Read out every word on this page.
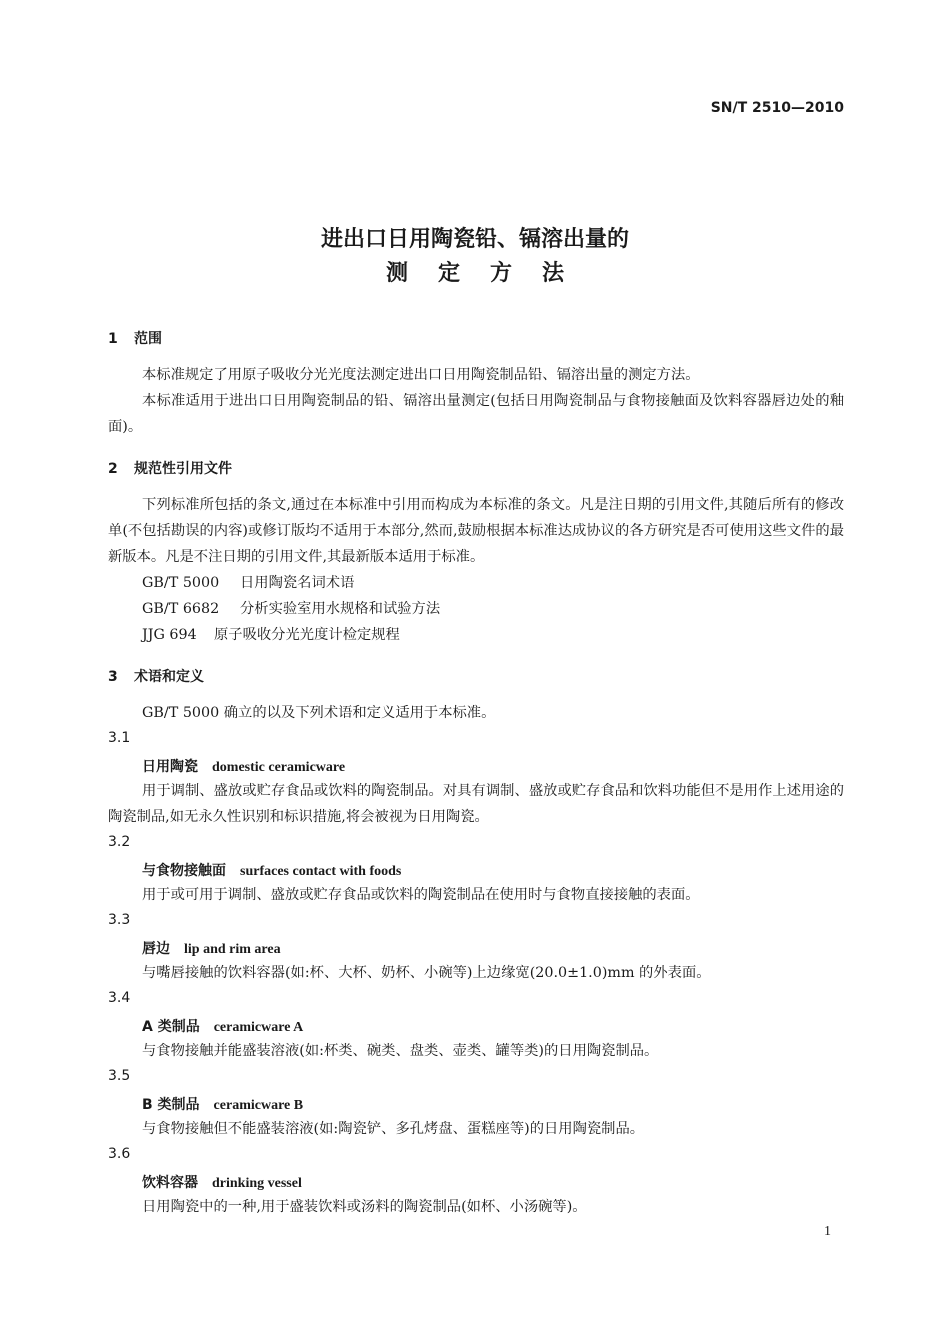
SN/T 2510—2010
进出口日用陶瓷铅、镉溶出量的
测定方法
1 范围
本标准规定了用原子吸收分光光度法测定进出口日用陶瓷制品铅、镉溶出量的测定方法。
本标准适用于进出口日用陶瓷制品的铅、镉溶出量测定(包括日用陶瓷制品与食物接触面及饮料容器唇边处的釉面)。
2 规范性引用文件
下列标准所包括的条文,通过在本标准中引用而构成为本标准的条文。凡是注日期的引用文件,其随后所有的修改单(不包括勘误的内容)或修订版均不适用于本部分,然而,鼓励根据本标准达成协议的各方研究是否可使用这些文件的最新版本。凡是不注日期的引用文件,其最新版本适用于标准。
GB/T 5000 日用陶瓷名词术语
GB/T 6682 分析实验室用水规格和试验方法
JJG 694 原子吸收分光光度计检定规程
3 术语和定义
GB/T 5000 确立的以及下列术语和定义适用于本标准。
3.1
日用陶瓷 domestic ceramicware
用于调制、盛放或贮存食品或饮料的陶瓷制品。对具有调制、盛放或贮存食品和饮料功能但不是用作上述用途的陶瓷制品,如无永久性识别和标识措施,将会被视为日用陶瓷。
3.2
与食物接触面 surfaces contact with foods
用于或可用于调制、盛放或贮存食品或饮料的陶瓷制品在使用时与食物直接接触的表面。
3.3
唇边 lip and rim area
与嘴唇接触的饮料容器(如:杯、大杯、奶杯、小碗等)上边缘宽(20.0±1.0)mm 的外表面。
3.4
A 类制品 ceramicware A
与食物接触并能盛装溶液(如:杯类、碗类、盘类、壶类、罐等类)的日用陶瓷制品。
3.5
B 类制品 ceramicware B
与食物接触但不能盛装溶液(如:陶瓷铲、多孔烤盘、蛋糕座等)的日用陶瓷制品。
3.6
饮料容器 drinking vessel
日用陶瓷中的一种,用于盛装饮料或汤料的陶瓷制品(如杯、小汤碗等)。
1
